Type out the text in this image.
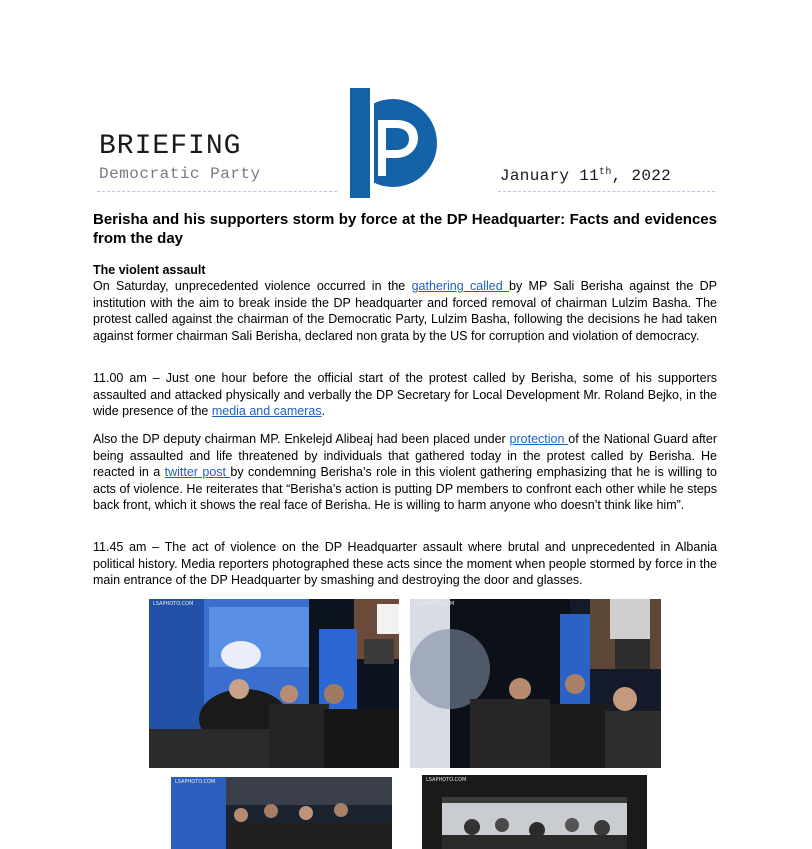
BRIEFING
Democratic Party	January 11th, 2022
Berisha and his supporters storm by force at the DP Headquarter: Facts and evidences from the day
The violent assault

On Saturday, unprecedented violence occurred in the gathering called by MP Sali Berisha against the DP institution with the aim to break inside the DP headquarter and forced removal of chairman Lulzim Basha. The protest called against the chairman of the Democratic Party, Lulzim Basha, following the decisions he had taken against former chairman Sali Berisha, declared non grata by the US for corruption and violation of democracy.

11.00 am – Just one hour before the official start of the protest called by Berisha, some of his supporters assaulted and attacked physically and verbally the DP Secretary for Local Development Mr. Roland Bejko, in the wide presence of the media and cameras.

Also the DP deputy chairman MP. Enkelejd Alibeaj had been placed under protection of the National Guard after being assaulted and life threatened by individuals that gathered today in the protest called by Berisha. He reacted in a twitter post by condemning Berisha’s role in this violent gathering emphasizing that he is willing to acts of violence. He reiterates that “Berisha’s action is putting DP members to confront each other while he steps back front, which it shows the real face of Berisha. He is willing to harm anyone who doesn’t think like him”.

11.45 am – The act of violence on the DP Headquarter assault where brutal and unprecedented in Albania political history. Media reporters photographed these acts since the moment when people stormed by force in the main entrance of the DP Headquarter by smashing and destroying the door and glasses.

LSAPHOTO.COM	LSAPHOTO.COM
LSAPHOTO.COM	LSAPHOTO.COM
